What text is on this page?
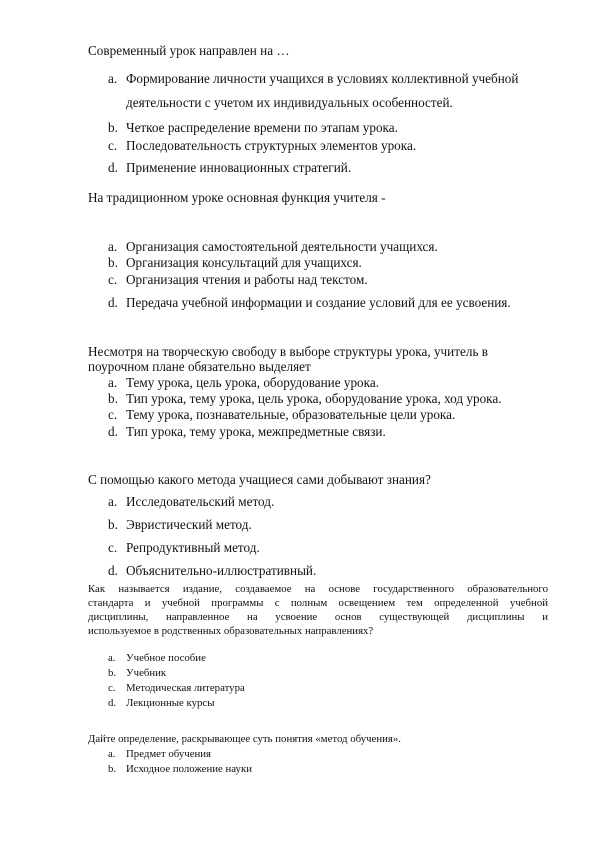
Современный урок направлен на …
a. Формирование личности учащихся в условиях коллективной учебной
деятельности с учетом их индивидуальных особенностей.
b. Четкое распределение времени по этапам урока.
c. Последовательность структурных элементов урока.
d. Применение инновационных стратегий.
На традиционном уроке основная функция учителя -
a. Организация самостоятельной деятельности учащихся.
b. Организация консультаций для учащихся.
c. Организация чтения и работы над текстом.
d. Передача учебной информации и создание условий для ее усвоения.
Несмотря на творческую свободу в выборе структуры урока, учитель в
поурочном плане обязательно выделяет
a. Тему урока, цель урока, оборудование урока.
b. Тип урока, тему урока, цель урока, оборудование урока, ход урока.
c. Тему урока, познавательные, образовательные цели урока.
d. Тип урока, тему урока, межпредметные связи.
С помощью какого метода учащиеся сами добывают знания?
a. Исследовательский метод.
b. Эвристический метод.
c. Репродуктивный метод.
d. Объяснительно-иллюстративный.
Как называется издание, создаваемое на основе государственного образовательного
стандарта и учебной программы с полным освещением тем определенной учебной
дисциплины, направленное на усвоение основ существующей дисциплины и
используемое в родственных образовательных направлениях?
a. Учебное пособие
b. Учебник
c. Методическая литература
d. Лекционные курсы
Дайте определение, раскрывающее суть понятия «метод обучения».
a. Предмет обучения
b. Исходное положение науки
